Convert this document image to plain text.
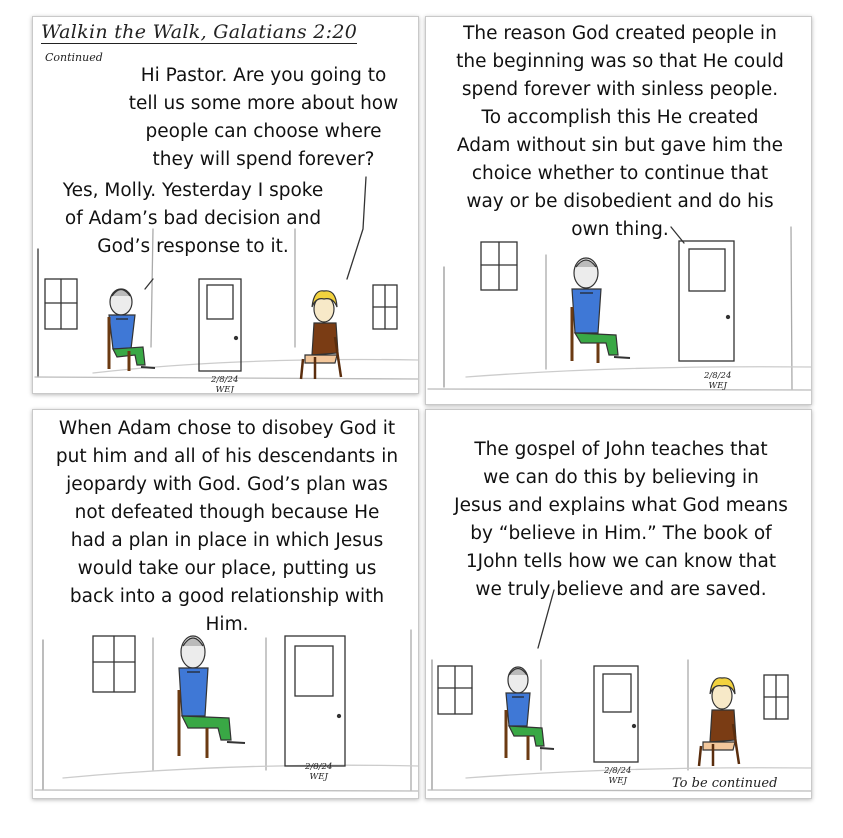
Walkin the Walk, Galatians 2:20
Continued
Hi Pastor. Are you going to
tell us some more about how
people can choose where
they will spend forever?
Yes, Molly. Yesterday I spoke
of Adam’s bad decision and
God’s response to it.
2/8/24
WEJ
The reason God created people in
the beginning was so that He could
spend forever with sinless people.
To accomplish this He created
Adam without sin but gave him the
choice whether to continue that
way or be disobedient and do his
own thing.
2/8/24
WEJ
When Adam chose to disobey God it
put him and all of his descendants in
jeopardy with God. God’s plan was
not defeated though because He
had a plan in place in which Jesus
would take our place, putting us
back into a good relationship with
Him.
2/8/24
WEJ
The gospel of John teaches that
we can do this by believing in
Jesus and explains what God means
by “believe in Him.” The book of
1John tells how we can know that
we truly believe and are saved.
2/8/24
WEJ	To be continued
